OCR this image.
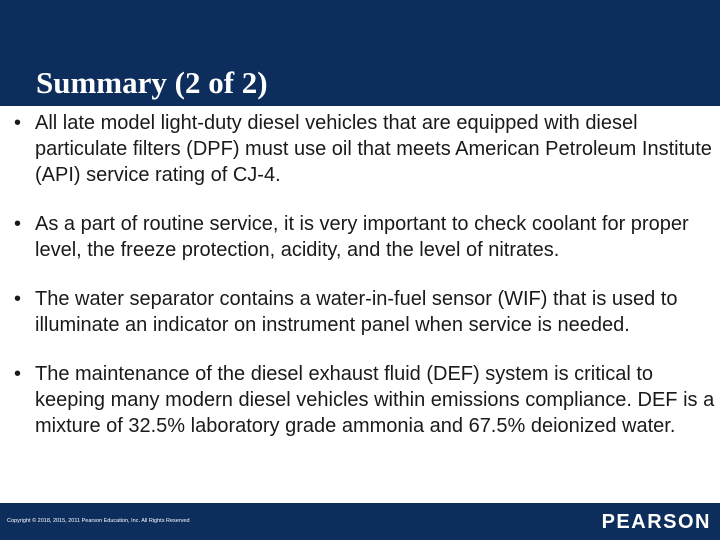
Summary (2 of 2)
• All late model light-duty diesel vehicles that are equipped with diesel particulate filters (DPF) must use oil that meets American Petroleum Institute (API) service rating of CJ-4.
• As a part of routine service, it is very important to check coolant for proper level, the freeze protection, acidity, and the level of nitrates.
• The water separator contains a water-in-fuel sensor (WIF) that is used to illuminate an indicator on instrument panel when service is needed.
• The maintenance of the diesel exhaust fluid (DEF) system is critical to keeping many modern diesel vehicles within emissions compliance. DEF is a mixture of 32.5% laboratory grade ammonia and 67.5% deionized water.
Copyright © 2018, 2015, 2011 Pearson Education, Inc. All Rights Reserved	PEARSON
